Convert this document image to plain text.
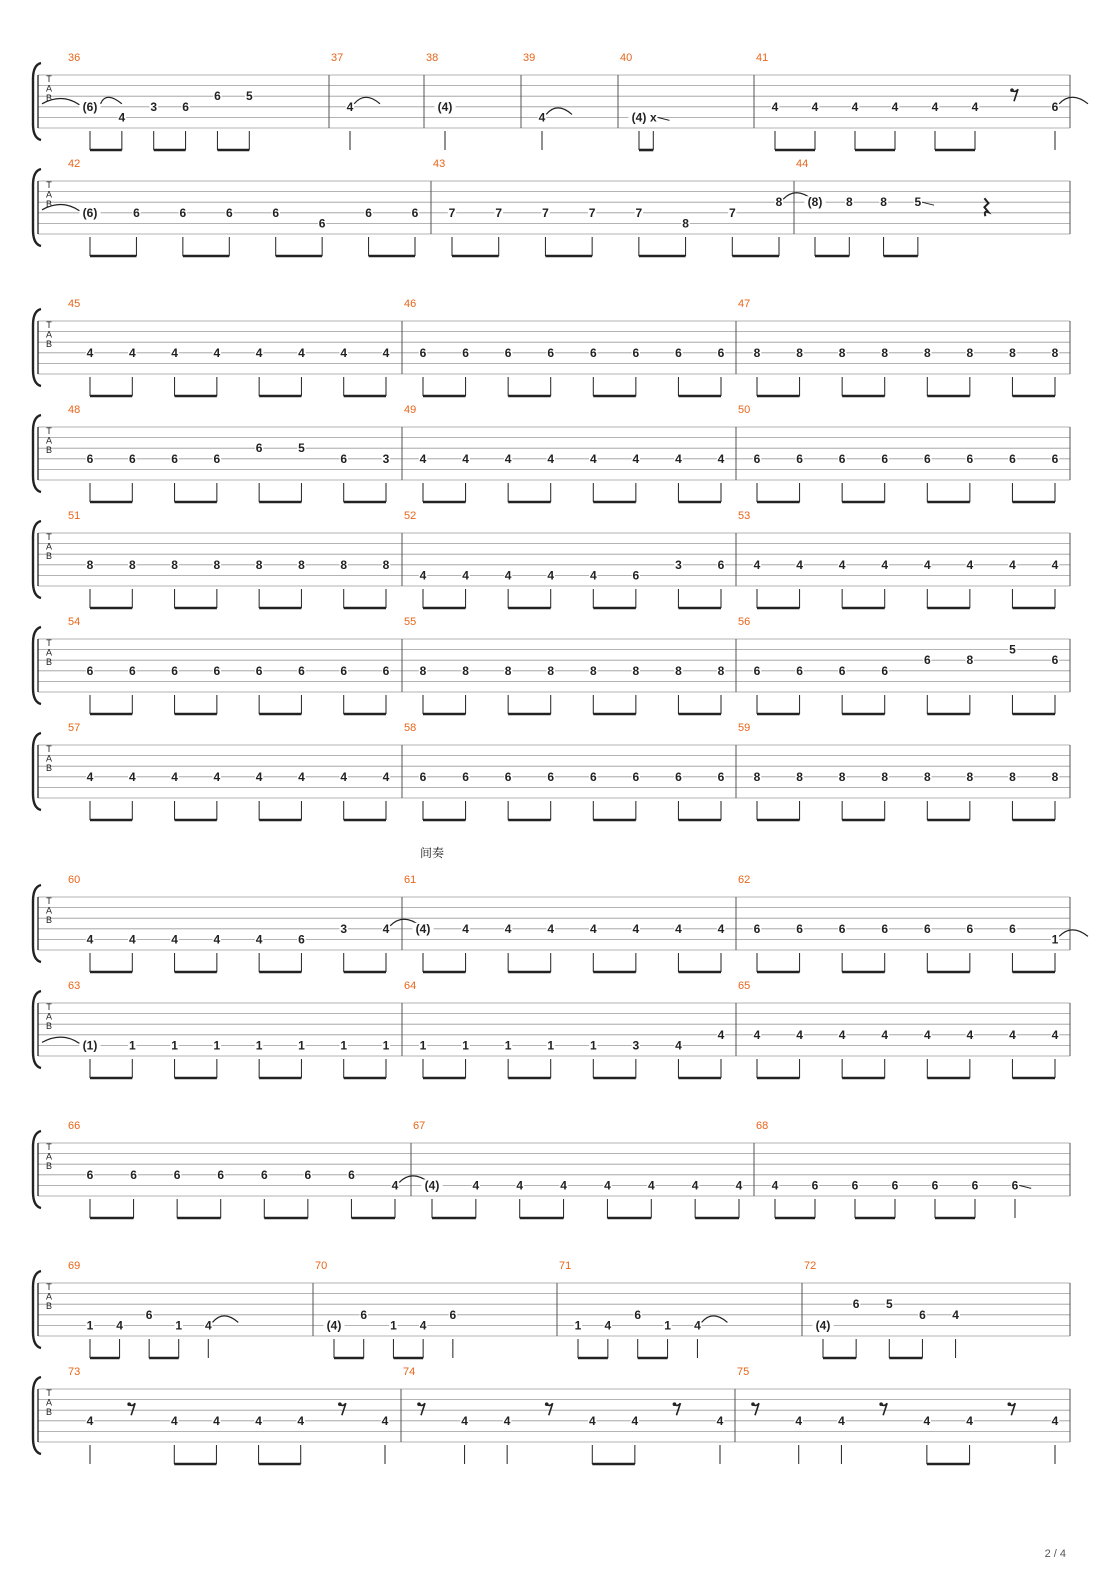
T
A
B
36
(6)
4
3 6
6 5
37
4
38
(4)
39
4
40
(4) x
41
4	4	4	4	4	4	6
T
A
B
42
(6)	6	6	6	6
6
6	6
43
7	7	7	7	7
8
7
8
44
(8) 8 8 5
T
A
B
45
4	4	4	4	4	4	4	4
46
6	6	6	6	6	6	6	6
47
8	8	8	8	8	8	8	8
T
A
B
48
6	6	6	6
6	5
6	3
49
4	4	4	4	4	4	4	4
50
6	6	6	6	6	6	6	6
T
A
B
51
8	8	8	8	8	8	8	8
52
4	4	4	4	4	6
3	6
53
4	4	4	4	4	4	4	4
T
A
B
54
6	6	6	6	6	6	6	6
55
8	8	8	8	8	8	8	8
56
6	6	6	6
6	8
5
6
T
A
B
57
4	4	4	4	4	4	4	4
58
6	6	6	6	6	6	6	6
59
8	8	8	8	8	8	8	8
T
A
B
60
4	4	4	4	4	6
3	4
61
(4)	4	4	4	4	4	4	4
62
6	6	6	6	6	6	6
1
T
A
B
63
(1)	1	1	1	1	1	1	1
64
1	1	1	1	1	3	4
4
65
4	4	4	4	4	4	4	4
T
A
B
66
6	6	6	6	6	6	6
4
67
(4)	4	4	4	4	4	4	4
68
4	6	6	6	6	6	6
T
A
B
69
1 4
6
1 4
70
(4)
6
1 4
6
71
1 4
6
1 4
72
(4)
6 5
6 4
T
A
B
73
4	4	4	4	4	4
74
4	4	4	4	4
75
4	4	4	4	4
间奏
2 / 4
